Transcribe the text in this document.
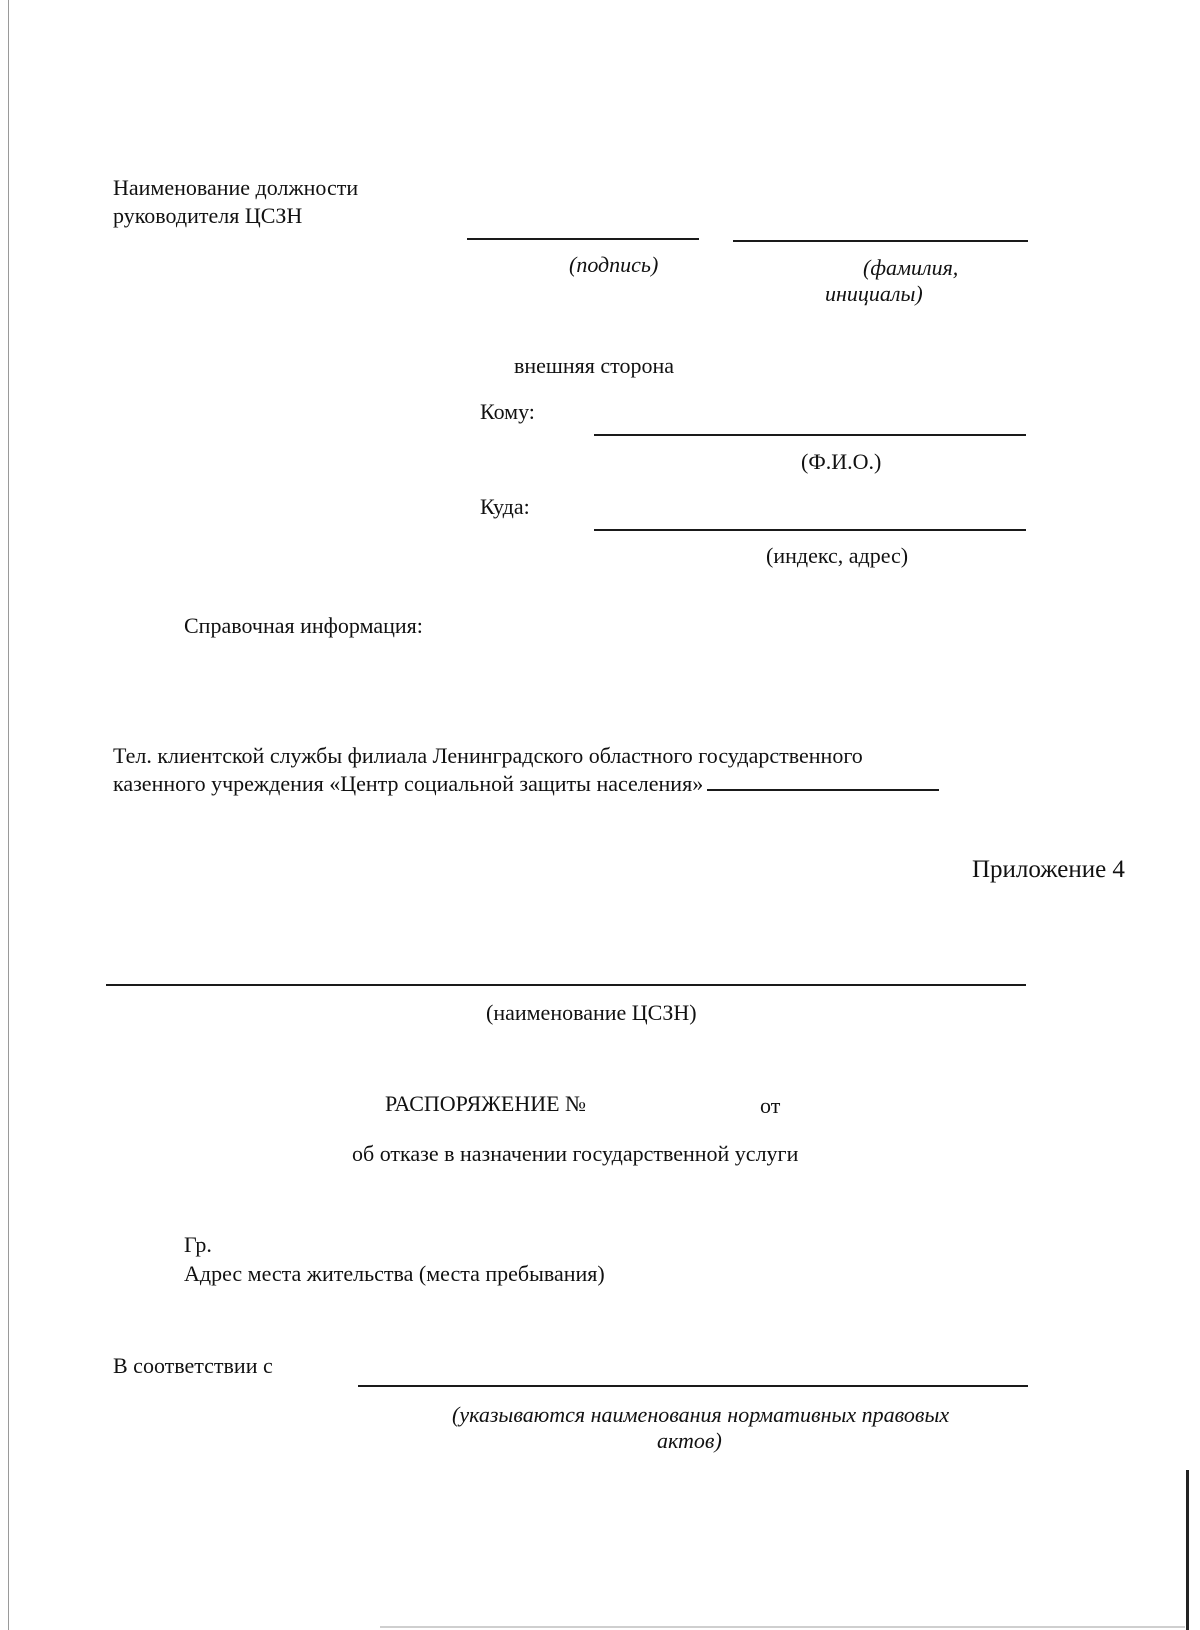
Наименование должности
руководителя ЦСЗН
(подпись)	(фамилия,
инициалы)
внешняя сторона
Кому:
(Ф.И.О.)
Куда:
(индекс, адрес)
Справочная информация:
Тел. клиентской службы филиала Ленинградского областного государственного
казенного учреждения «Центр социальной защиты населения»
Приложение 4
(наименование ЦСЗН)
РАСПОРЯЖЕНИЕ №	от
об отказе в назначении государственной услуги
Гр.
Адрес места жительства (места пребывания)
В соответствии с
(указываются наименования нормативных правовых
актов)
